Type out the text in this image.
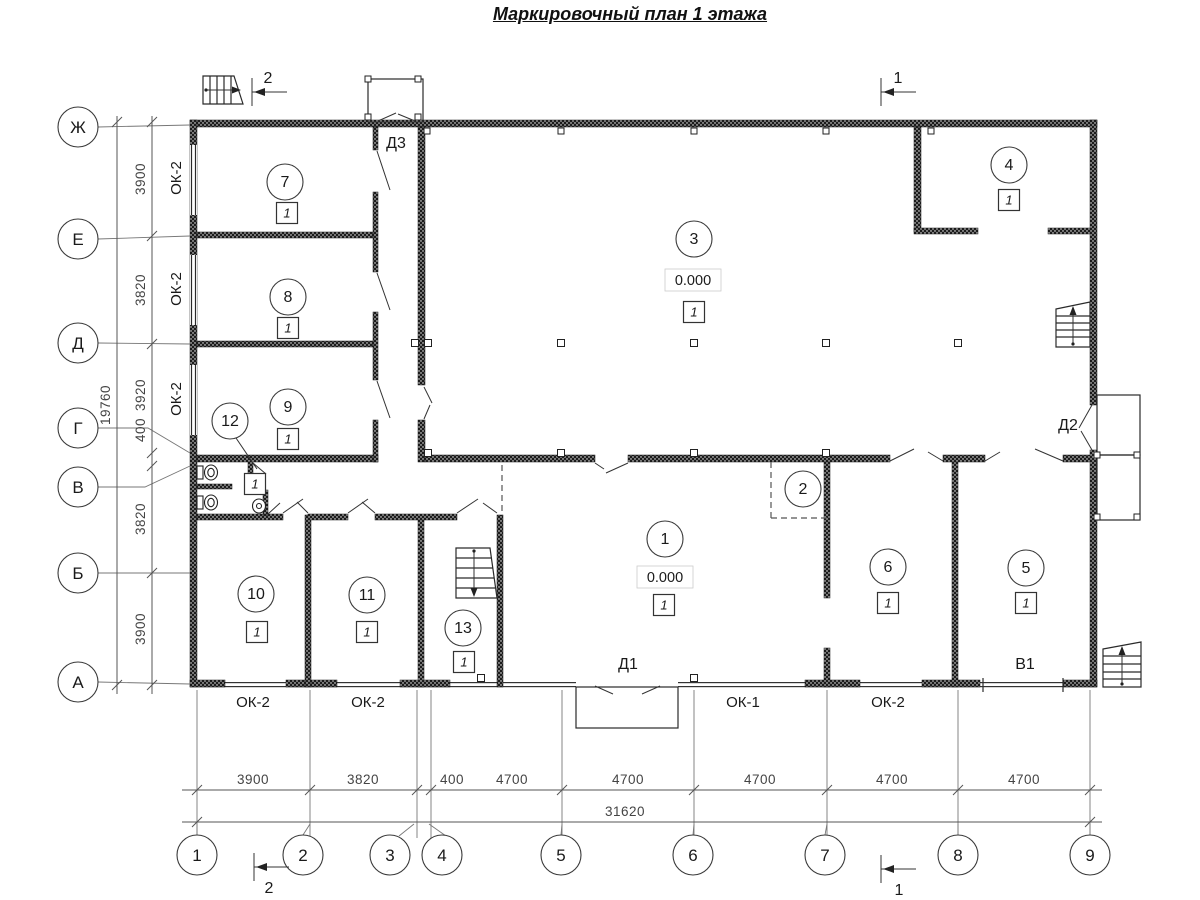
Маркировочный план 1 этажа
Ж
Е
Д
Г
В
Б
А
3900
3820
3920
400
3820
3900
19760
3900	3820	400 4700	4700	4700	4700	4700
31620
1	2	3	4	5	6	7	8	9
2	1
2	1
ОК-2
ОК-2
ОК-2
ОК-2	ОК-2	ОК-1	ОК-2
Д3
Д2
Д1	В1
7
1
8
1
9
1
12
1
10
1
11
1	13
1
3
0.000
1
4
1
1
0.000
1
2
6
1
5
1
